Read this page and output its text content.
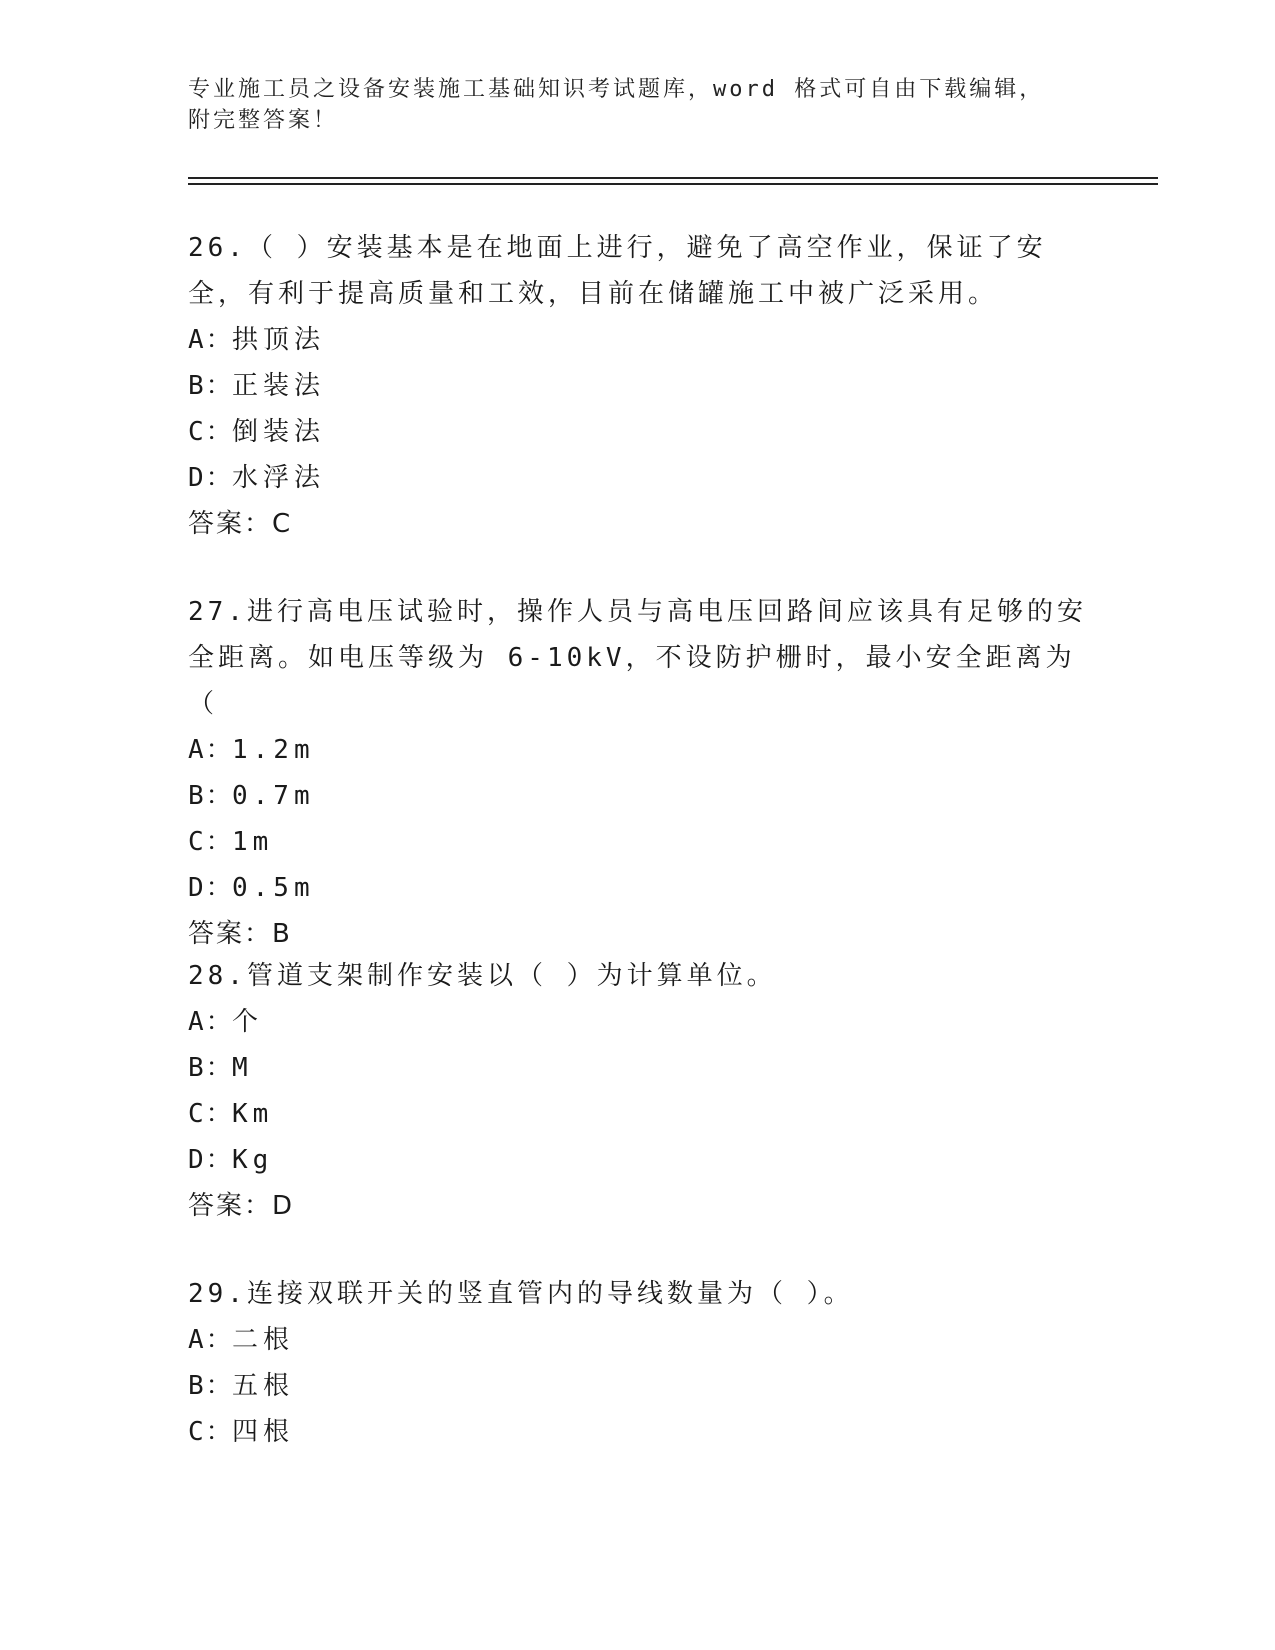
专业施工员之设备安装施工基础知识考试题库，word 格式可自由下载编辑，附完整答案！
26.（ ）安装基本是在地面上进行，避免了高空作业，保证了安全，有利于提高质量和工效，目前在储罐施工中被广泛采用。
A：
拱顶法
B：
正装法
C：
倒装法
D：
水浮法
答案：C
27.进行高电压试验时，操作人员与高电压回路间应该具有足够的安全距离。如电压等级为 6-10kV，不设防护栅时，最小安全距离为（
A：
1.2m
B：
0.7m
C：
1m
D：
0.5m
答案：B
28.管道支架制作安装以（ ）为计算单位。
A：
个
B：
M
C：
Km
D：
Kg
答案：D
29.连接双联开关的竖直管内的导线数量为（ ）。
A：
二根
B：
五根
C：
四根
